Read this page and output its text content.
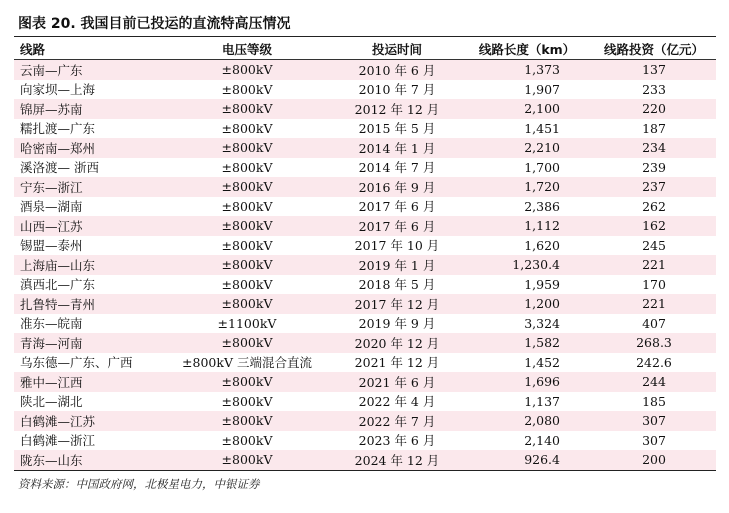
图表 20. 我国目前已投运的直流特高压情况
线路	电压等级	投运时间	线路长度（km）	线路投资（亿元）
云南—广东	±800kV	2010 年 6 月	1,373	137
向家坝—上海	±800kV	2010 年 7 月	1,907	233
锦屏—苏南	±800kV	2012 年 12 月	2,100	220
糯扎渡—广东	±800kV	2015 年 5 月	1,451	187
哈密南—郑州	±800kV	2014 年 1 月	2,210	234
溪洛渡— 浙西	±800kV	2014 年 7 月	1,700	239
宁东—浙江	±800kV	2016 年 9 月	1,720	237
酒泉—湖南	±800kV	2017 年 6 月	2,386	262
山西—江苏	±800kV	2017 年 6 月	1,112	162
锡盟—泰州	±800kV	2017 年 10 月	1,620	245
上海庙—山东	±800kV	2019 年 1 月	1,230.4	221
滇西北—广东	±800kV	2018 年 5 月	1,959	170
扎鲁特—青州	±800kV	2017 年 12 月	1,200	221
准东—皖南	±1100kV	2019 年 9 月	3,324	407
青海—河南	±800kV	2020 年 12 月	1,582	268.3
乌东德—广东、广西	±800kV 三端混合直流	2021 年 12 月	1,452	242.6
雅中—江西	±800kV	2021 年 6 月	1,696	244
陕北—湖北	±800kV	2022 年 4 月	1,137	185
白鹤滩—江苏	±800kV	2022 年 7 月	2,080	307
白鹤滩—浙江	±800kV	2023 年 6 月	2,140	307
陇东—山东	±800kV	2024 年 12 月	926.4	200
资料来源：中国政府网，北极星电力，中银证券
